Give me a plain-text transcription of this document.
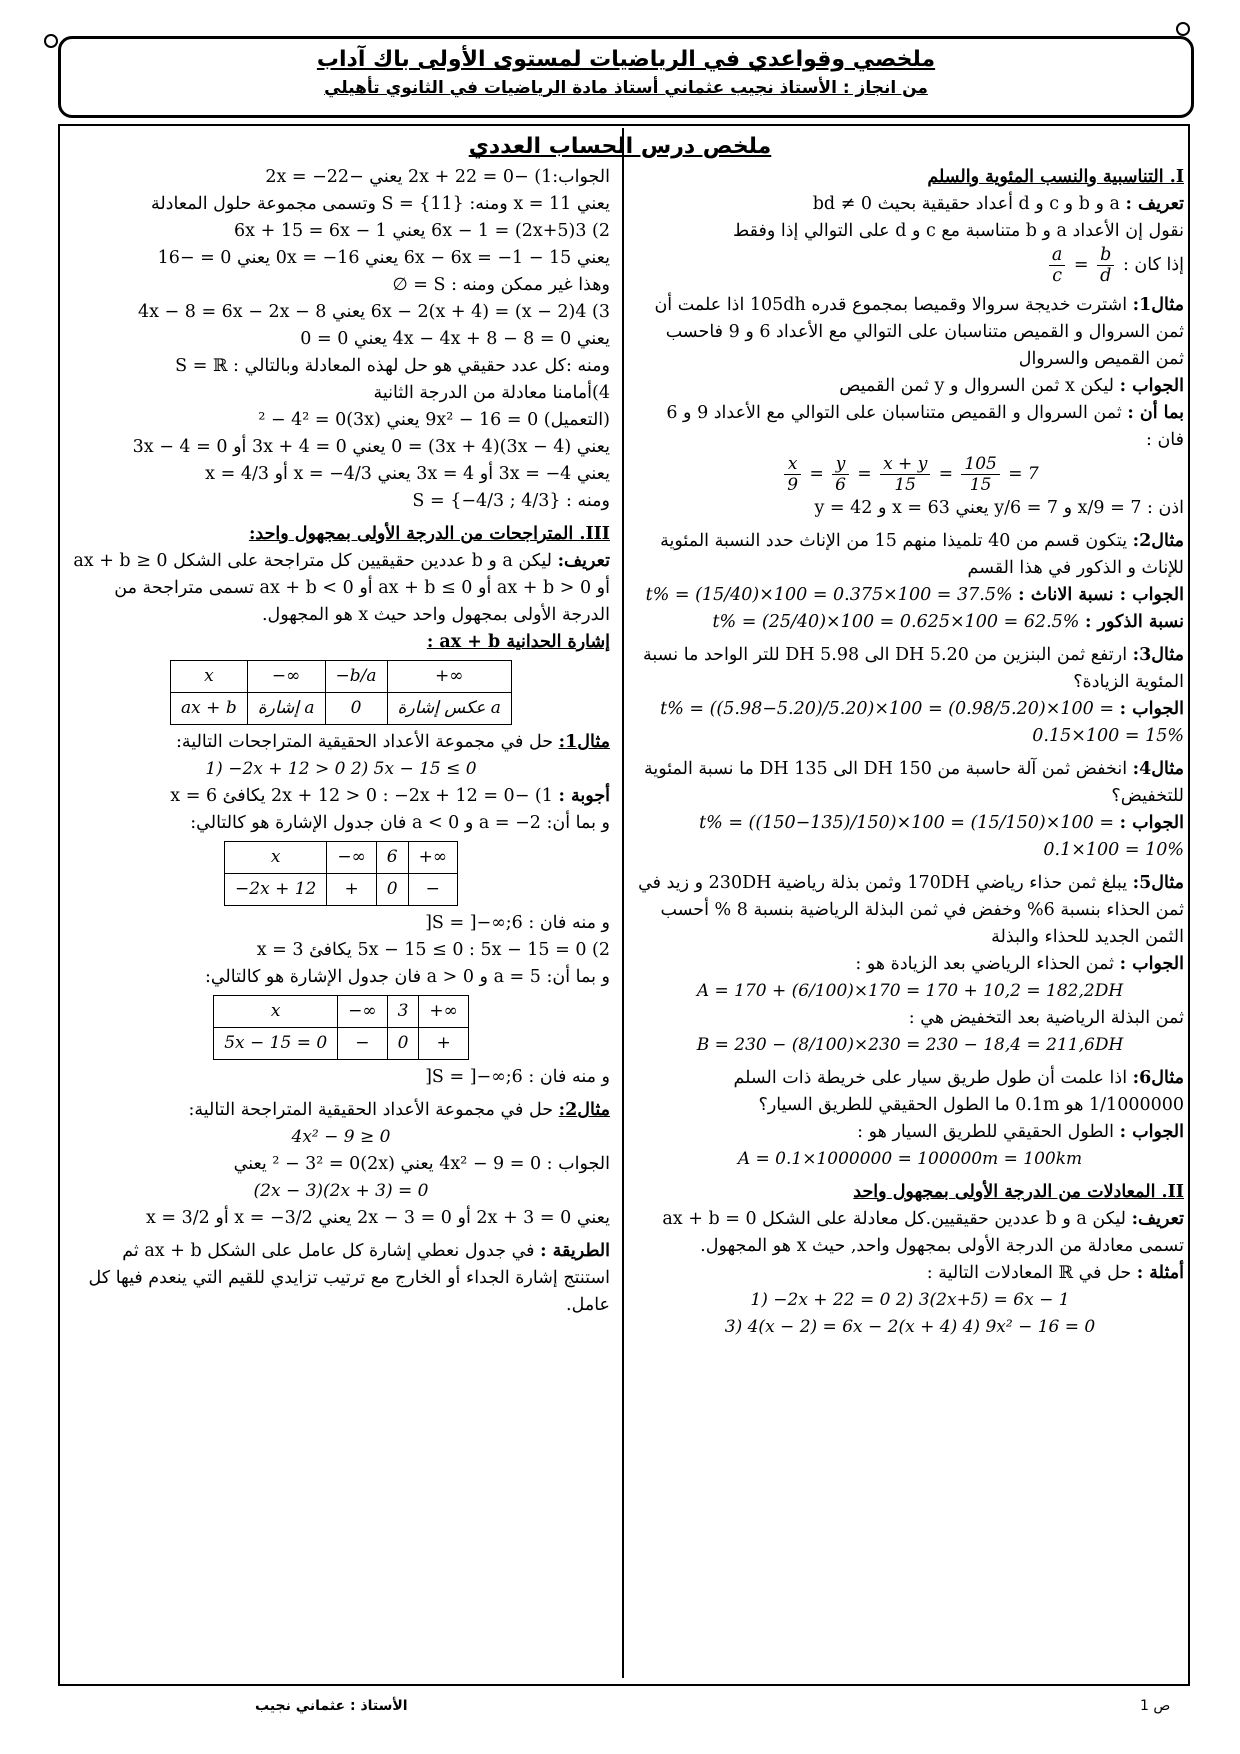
ملخصي وقواعدي في الرياضيات لمستوى الأولى باك آداب
من انجاز : الأستاذ نجيب عثماني أستاذ مادة الرياضيات في الثانوي تأهيلي
ملخص درس الحساب العددي

I. التناسبية والنسب المئوية والسلم

تعريف : a و b و c و d أعداد حقيقية بحيث bd ≠ 0

نقول إن الأعداد a و b متناسبة مع c و d على التوالي إذا وفقط

إذا كان :
$\frac{a}{c} = \frac{b}{d}$

مثال1: اشترت خديجة سروالا وقميصا بمجموع قدره 105dh اذا علمت أن ثمن السروال و القميص متناسبان على التوالي مع الأعداد 6 و 9 فاحسب ثمن القميص والسروال

الجواب : ليكن x ثمن السروال و y ثمن القميص

بما أن : ثمن السروال و القميص متناسبان على التوالي مع الأعداد 9 و 6 فان :

$\frac{x}{9} = \frac{y}{6} = \frac{x + y}{15} = \frac{105}{15} = 7$

اذن : x/9 = 7 و y/6 = 7 يعني x = 63 و y = 42

مثال2: يتكون قسم من 40 تلميذا منهم 15 من الإناث حدد النسبة المئوية للإناث و الذكور في هذا القسم

الجواب : نسبة الاناث : t% = (15/40)×100 = 0.375×100 = 37.5%

نسبة الذكور : t% = (25/40)×100 = 0.625×100 = 62.5%

مثال3: ارتفع ثمن البنزين من 5.20 DH الى 5.98 DH للتر الواحد ما نسبة المئوية الزيادة؟

الجواب : t% = ((5.98−5.20)/5.20)×100 = (0.98/5.20)×100 = 0.15×100 = 15%

مثال4: انخفض ثمن آلة حاسبة من 150 DH الى 135 DH ما نسبة المئوية للتخفيض؟

الجواب : t% = ((150−135)/150)×100 = (15/150)×100 = 0.1×100 = 10%

مثال5: يبلغ ثمن حذاء رياضي 170DH وثمن بذلة رياضية 230DH و زيد في ثمن الحذاء بنسبة 6% وخفض في ثمن البذلة الرياضية بنسبة 8 % أحسب الثمن الجديد للحذاء والبذلة

الجواب : ثمن الحذاء الرياضي بعد الزيادة هو :

A = 170 + (6/100)×170 = 170 + 10,2 = 182,2DH

ثمن البذلة الرياضية بعد التخفيض هي :

B = 230 − (8/100)×230 = 230 − 18,4 = 211,6DH

مثال6: اذا علمت أن طول طريق سيار على خريطة ذات السلم 1/1000000 هو 0.1m ما الطول الحقيقي للطريق السيار؟

الجواب : الطول الحقيقي للطريق السيار هو :

A = 0.1×1000000 = 100000m = 100km

II. المعادلات من الدرجة الأولى بمجهول واحد

تعريف: ليكن a و b عددين حقيقيين.كل معادلة على الشكل ax + b = 0 تسمى معادلة من الدرجة الأولى بمجهول واحد, حيث x هو المجهول.

أمثلة : حل في ℝ المعادلات التالية :

1) −2x + 22 = 0 2) 3(2x+5) = 6x − 1

3) 4(x − 2) = 6x − 2(x + 4) 4) 9x² − 16 = 0

الجواب:1) −2x + 22 = 0 يعني −2x = −22

يعني x = 11 ومنه: S = {11} وتسمى مجموعة حلول المعادلة

2) 3(2x+5) = 6x − 1 يعني 6x + 15 = 6x − 1

يعني 6x − 6x = −1 − 15 يعني 0x = −16 يعني 0 = −16

وهذا غير ممكن ومنه : S = ∅

3) 4(x − 2) = 6x − 2(x + 4) يعني 4x − 8 = 6x − 2x − 8

يعني 4x − 4x + 8 − 8 = 0 يعني 0 = 0

ومنه :كل عدد حقيقي هو حل لهذه المعادلة وبالتالي : S = ℝ

4)أمامنا معادلة من الدرجة الثانية

(التعميل) 9x² − 16 = 0 يعني (3x)² − 4² = 0

يعني (3x − 4)(3x + 4) = 0 يعني 3x + 4 = 0 أو 3x − 4 = 0

يعني 3x = −4 أو 3x = 4 يعني x = −4/3 أو x = 4/3

ومنه : S = {−4/3 ; 4/3}

III. المتراجحات من الدرجة الأولى بمجهول واحد:

تعريف: ليكن a و b عددين حقيقيين كل متراجحة على الشكل ax + b ≥ 0 أو ax + b > 0 أو ax + b ≤ 0 أو ax + b < 0 تسمى متراجحة من الدرجة الأولى بمجهول واحد حيث x هو المجهول.

إشارة الحدانية ax + b :

x	−∞	−b/a	+∞
ax + b	إشارة a	0	عكس إشارة a

مثال1: حل في مجموعة الأعداد الحقيقية المتراجحات التالية:

1) −2x + 12 > 0 2) 5x − 15 ≤ 0

أجوبة : 1) −2x + 12 > 0 : −2x + 12 = 0 يكافئ x = 6

و بما أن: a = −2 و a < 0 فان جدول الإشارة هو كالتالي:

x	−∞	6	+∞
−2x + 12	+	0	−

و منه فان : S = ]−∞;6[

2) 5x − 15 ≤ 0 : 5x − 15 = 0 يكافئ x = 3

و بما أن: a = 5 و a > 0 فان جدول الإشارة هو كالتالي:

x	−∞	3	+∞
5x − 15 = 0	−	0	+

و منه فان : S = ]−∞;6[

مثال2: حل في مجموعة الأعداد الحقيقية المتراجحة التالية:

4x² − 9 ≥ 0

الجواب : 4x² − 9 = 0 يعني (2x)² − 3² = 0 يعني

(2x − 3)(2x + 3) = 0

يعني 2x + 3 = 0 أو 2x − 3 = 0 يعني x = −3/2 أو x = 3/2

الطريقة : في جدول نعطي إشارة كل عامل على الشكل ax + b ثم استنتج إشارة الجداء أو الخارج مع ترتيب تزايدي للقيم التي ينعدم فيها كل عامل.

الأستاذ : عثماني نجيب	ص 1
